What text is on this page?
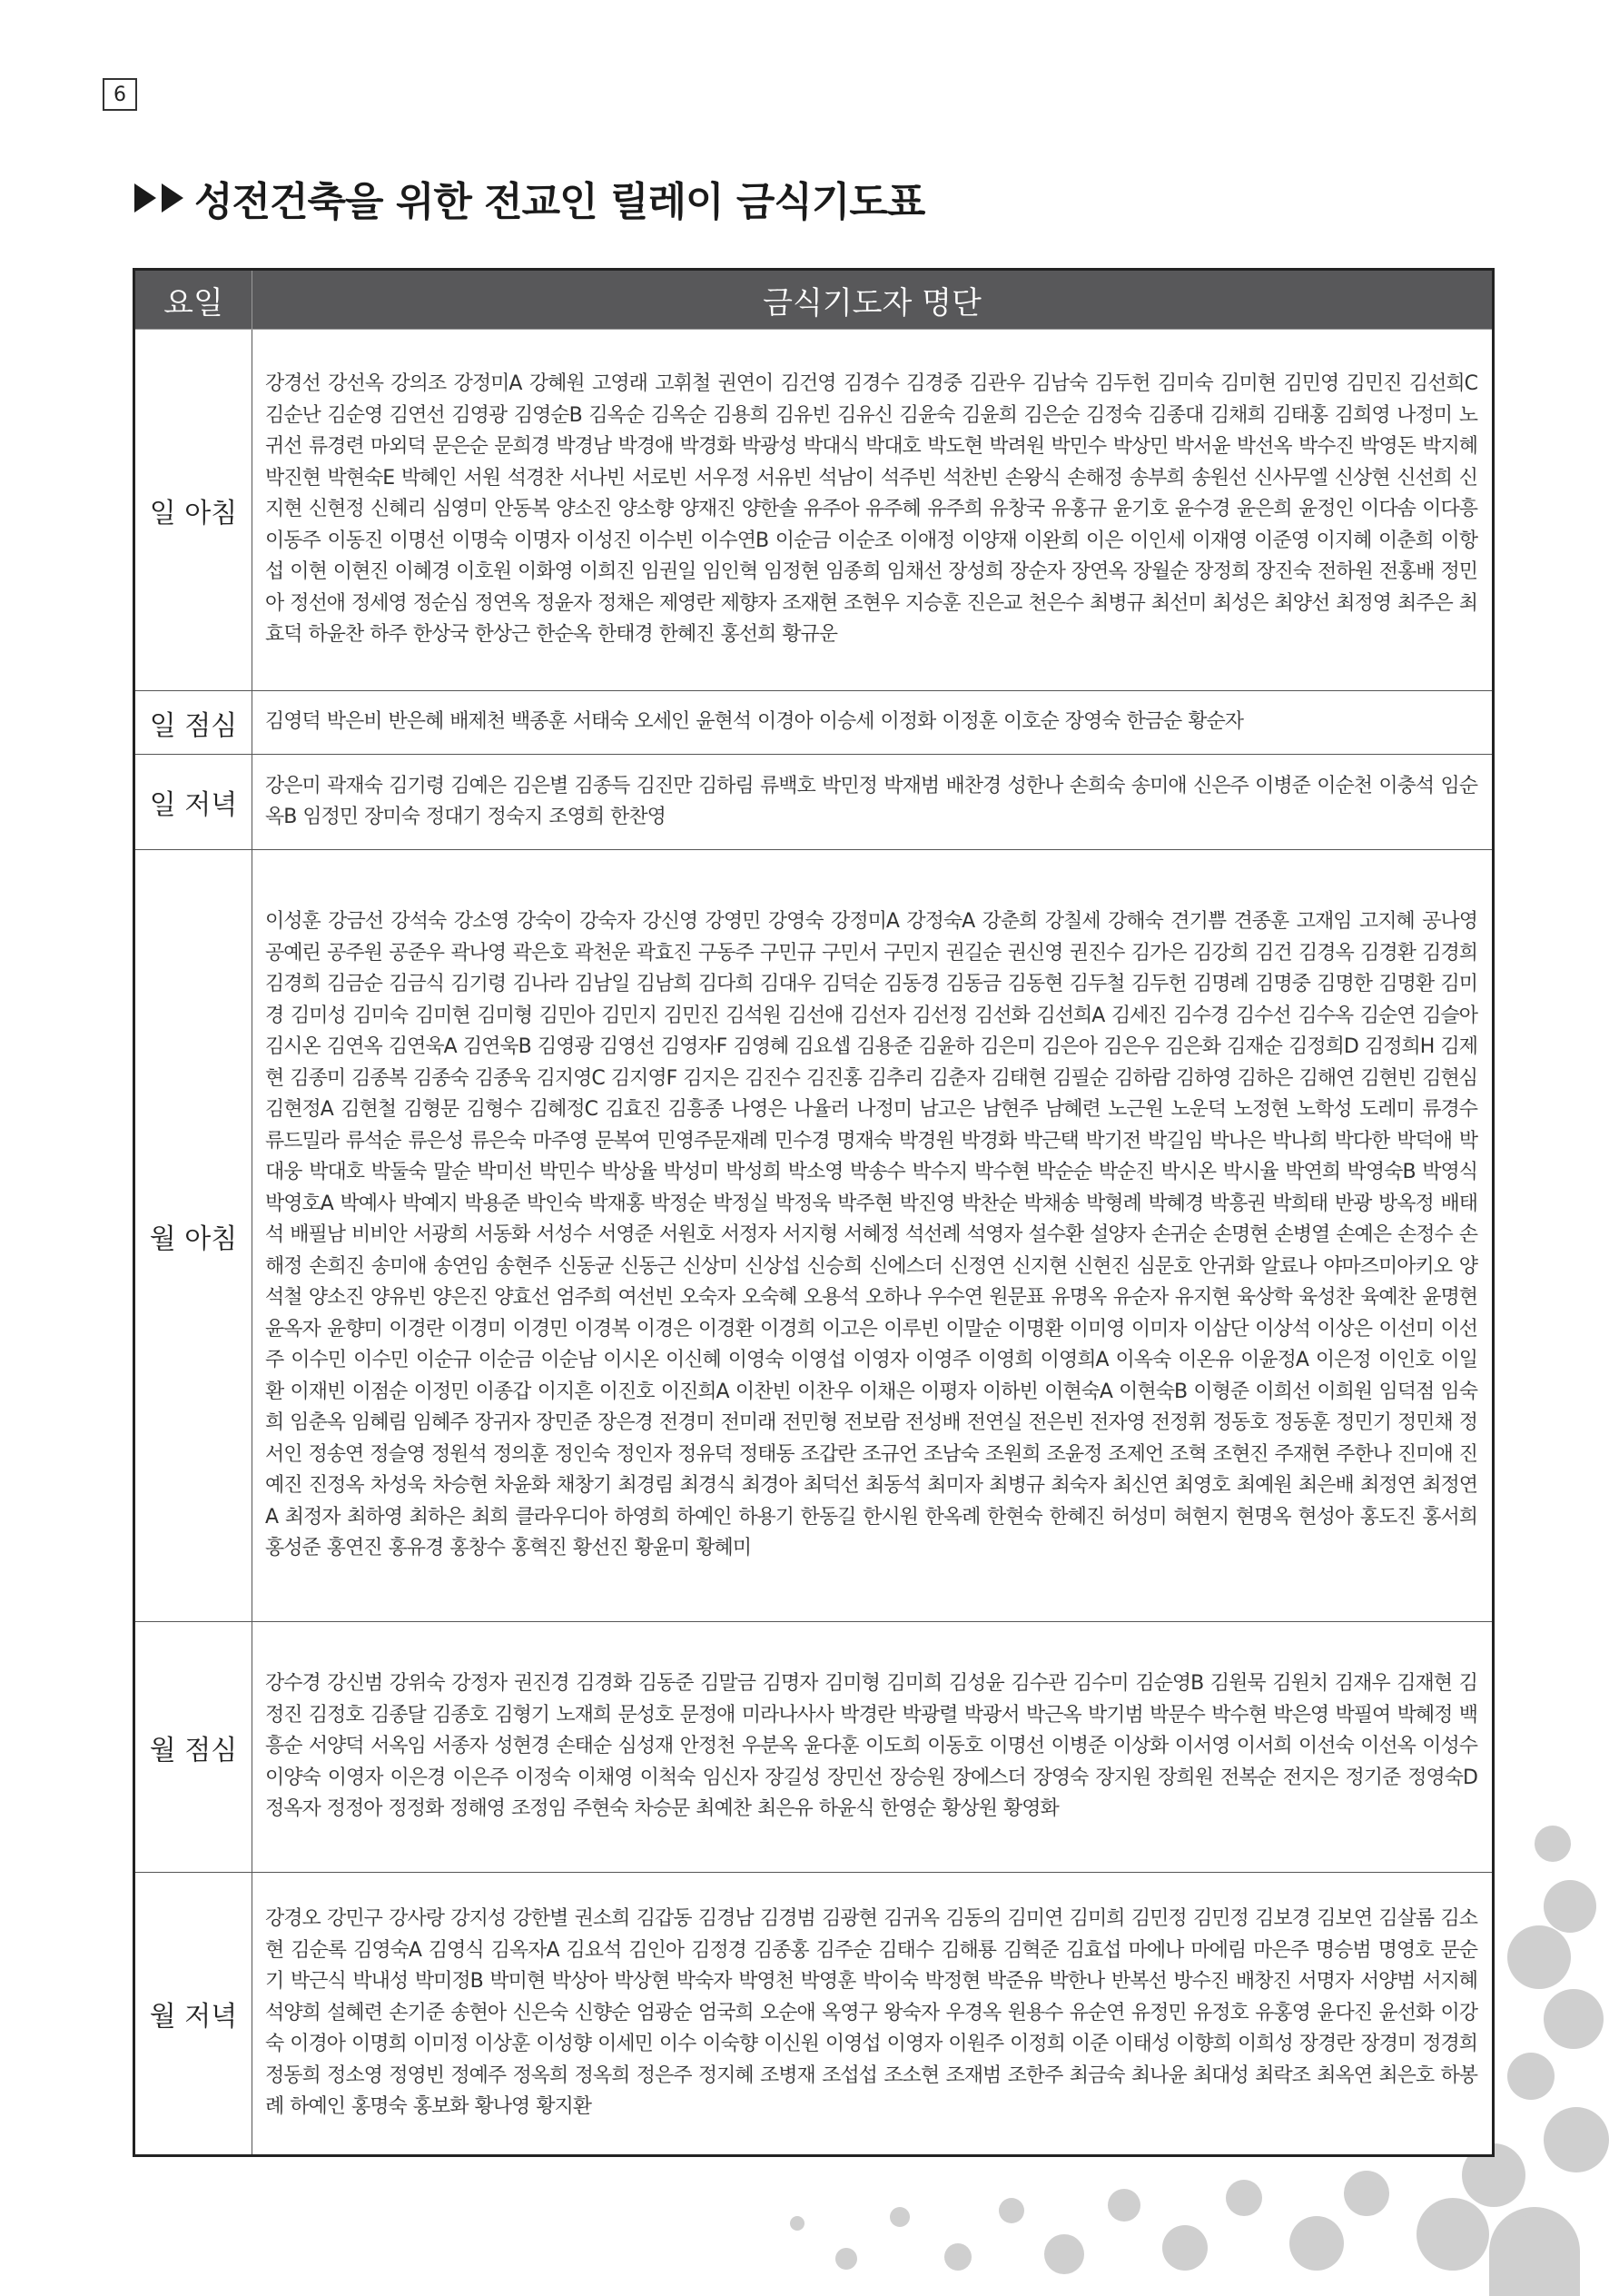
6
성전건축을 위한 전교인 릴레이 금식기도표
요일	금식기도자 명단
일 아침	강경선 강선옥 강의조 강정미A 강혜원 고영래 고휘철 권연이 김건영 김경수 김경중 김관우 김남숙 김두헌 김미숙 김미현 김민영 김민진 김선희C 김순난 김순영 김연선 김영광 김영순B 김옥순 김옥순 김용희 김유빈 김유신 김윤숙 김윤희 김은순 김정숙 김종대 김채희 김태홍 김희영 나정미 노귀선 류경련 마외덕 문은순 문희경 박경남 박경애 박경화 박광성 박대식 박대호 박도현 박려원 박민수 박상민 박서윤 박선옥 박수진 박영돈 박지혜 박진현 박현숙E 박혜인 서원 석경찬 서나빈 서로빈 서우정 서유빈 석남이 석주빈 석찬빈 손왕식 손해정 송부희 송원선 신사무엘 신상현 신선희 신지현 신현정 신혜리 심영미 안동복 양소진 양소향 양재진 양한솔 유주아 유주혜 유주희 유창국 유홍규 윤기호 윤수경 윤은희 윤정인 이다솜 이다흥 이동주 이동진 이명선 이명숙 이명자 이성진 이수빈 이수연B 이순금 이순조 이애정 이양재 이완희 이은 이인세 이재영 이준영 이지혜 이춘희 이항섭 이현 이현진 이혜경 이호원 이화영 이희진 임권일 임인혁 임정현 임종희 임채선 장성희 장순자 장연옥 장월순 장정희 장진숙 전하원 전홍배 정민아 정선애 정세영 정순심 정연옥 정윤자 정채은 제영란 제향자 조재현 조현우 지승훈 진은교 천은수 최병규 최선미 최성은 최양선 최정영 최주은 최효덕 하윤찬 하주 한상국 한상근 한순옥 한태경 한혜진 홍선희 황규운
일 점심	김영덕 박은비 반은혜 배제천 백종훈 서태숙 오세인 윤현석 이경아 이승세 이정화 이정훈 이호순 장영숙 한금순 황순자
일 저녁	강은미 곽재숙 김기령 김예은 김은별 김종득 김진만 김하림 류백호 박민정 박재범 배찬경 성한나 손희숙 송미애 신은주 이병준 이순천 이충석 임순옥B 임정민 장미숙 정대기 정숙지 조영희 한찬영
월 아침	이성훈 강금선 강석숙 강소영 강숙이 강숙자 강신영 강영민 강영숙 강정미A 강정숙A 강춘희 강칠세 강해숙 견기쁨 견종훈 고재임 고지혜 공나영 공예린 공주원 공준우 곽나영 곽은호 곽천운 곽효진 구동주 구민규 구민서 구민지 권길순 권신영 권진수 김가은 김강희 김건 김경옥 김경환 김경희 김경희 김금순 김금식 김기령 김나라 김남일 김남희 김다희 김대우 김덕순 김동경 김동금 김동현 김두철 김두헌 김명례 김명중 김명한 김명환 김미경 김미성 김미숙 김미현 김미형 김민아 김민지 김민진 김석원 김선애 김선자 김선정 김선화 김선희A 김세진 김수경 김수선 김수옥 김순연 김슬아 김시온 김연옥 김연욱A 김연욱B 김영광 김영선 김영자F 김영혜 김요셉 김용준 김윤하 김은미 김은아 김은우 김은화 김재순 김정희D 김정희H 김제현 김종미 김종복 김종숙 김종욱 김지영C 김지영F 김지은 김진수 김진홍 김추리 김춘자 김태현 김필순 김하람 김하영 김하은 김해연 김현빈 김현심 김현정A 김현철 김형문 김형수 김혜정C 김효진 김흥종 나영은 나율러 나정미 남고은 남현주 남혜련 노근원 노운덕 노정현 노학성 도레미 류경수 류드밀라 류석순 류은성 류은숙 마주영 문복여 민영주문재례 민수경 명재숙 박경원 박경화 박근택 박기전 박길임 박나은 박나희 박다한 박덕애 박대웅 박대호 박둘숙 말순 박미선 박민수 박상율 박성미 박성희 박소영 박송수 박수지 박수현 박순순 박순진 박시온 박시율 박연희 박영숙B 박영식 박영호A 박예사 박예지 박용준 박인숙 박재홍 박정순 박정실 박정욱 박주현 박진영 박찬순 박채송 박형례 박혜경 박흥권 박희태 반광 방옥정 배태석 배필남 비비안 서광희 서동화 서성수 서영준 서원호 서정자 서지형 서혜정 석선례 석영자 설수환 설양자 손귀순 손명현 손병열 손예은 손정수 손해정 손희진 송미애 송연임 송현주 신동균 신동근 신상미 신상섭 신승희 신에스더 신정연 신지현 신현진 심문호 안귀화 알료나 야마즈미아키오 양석철 양소진 양유빈 양은진 양효선 엄주희 여선빈 오숙자 오숙혜 오용석 오하나 우수연 원문표 유명옥 유순자 유지현 육상학 육성찬 육예찬 윤명현 윤옥자 윤향미 이경란 이경미 이경민 이경복 이경은 이경환 이경희 이고은 이루빈 이말순 이명환 이미영 이미자 이삼단 이상석 이상은 이선미 이선주 이수민 이수민 이순규 이순금 이순남 이시온 이신혜 이영숙 이영섭 이영자 이영주 이영희 이영희A 이옥숙 이온유 이윤정A 이은정 이인호 이일환 이재빈 이점순 이정민 이종갑 이지흔 이진호 이진희A 이찬빈 이찬우 이채은 이평자 이하빈 이현숙A 이현숙B 이형준 이희선 이희원 임덕점 임숙희 임춘옥 임혜림 임혜주 장귀자 장민준 장은경 전경미 전미래 전민형 전보람 전성배 전연실 전은빈 전자영 전정휘 정동호 정동훈 정민기 정민채 정서인 정송연 정슬영 정원석 정의훈 정인숙 정인자 정유덕 정태동 조갑란 조규언 조남숙 조원희 조윤정 조제언 조혁 조현진 주재현 주한나 진미애 진예진 진정옥 차성욱 차승현 차윤화 채창기 최경림 최경식 최경아 최덕선 최동석 최미자 최병규 최숙자 최신연 최영호 최예원 최은배 최정연 최정연A 최정자 최하영 최하은 최희 클라우디아 하영희 하예인 하용기 한동길 한시원 한옥례 한현숙 한혜진 허성미 혀현지 현명옥 현성아 홍도진 홍서희 홍성준 홍연진 홍유경 홍창수 홍혁진 황선진 황윤미 황혜미
월 점심	강수경 강신범 강위숙 강정자 권진경 김경화 김동준 김말금 김명자 김미형 김미희 김성윤 김수관 김수미 김순영B 김원묵 김원치 김재우 김재현 김정진 김정호 김종달 김종호 김형기 노재희 문성호 문정애 미라나사사 박경란 박광렬 박광서 박근옥 박기범 박문수 박수현 박은영 박필여 박혜정 백흥순 서양덕 서옥임 서종자 성현경 손태순 심성재 안정천 우분옥 윤다훈 이도희 이동호 이명선 이병준 이상화 이서영 이서희 이선숙 이선옥 이성수 이양숙 이영자 이은경 이은주 이정숙 이채영 이척숙 임신자 장길성 장민선 장승원 장에스더 장영숙 장지원 장희원 전복순 전지은 정기준 정영숙D 정옥자 정정아 정정화 정해영 조정임 주현숙 차승문 최예찬 최은유 하윤식 한영순 황상원 황영화
월 저녁	강경오 강민구 강사랑 강지성 강한별 권소희 김갑동 김경남 김경범 김광현 김귀옥 김동의 김미연 김미희 김민정 김민정 김보경 김보연 김살롬 김소현 김순록 김영숙A 김영식 김옥자A 김요석 김인아 김정경 김종홍 김주순 김태수 김해룡 김혁준 김효섭 마에나 마에림 마은주 명승범 명영호 문순기 박근식 박내성 박미정B 박미현 박상아 박상현 박숙자 박영천 박영훈 박이숙 박정현 박준유 박한나 반복선 방수진 배창진 서명자 서양범 서지혜 석양희 설혜련 손기준 송현아 신은숙 신향순 엄광순 엄국희 오순애 옥영구 왕숙자 우경옥 원용수 유순연 유정민 유정호 유홍영 윤다진 윤선화 이강숙 이경아 이명희 이미정 이상훈 이성향 이세민 이수 이숙향 이신원 이영섭 이영자 이원주 이정희 이준 이태성 이향희 이희성 장경란 장경미 정경희 정동희 정소영 정영빈 정예주 정옥희 정옥희 정은주 정지혜 조병재 조섭섭 조소현 조재범 조한주 최금숙 최나윤 최대성 최락조 최옥연 최은호 하봉례 하예인 홍명숙 홍보화 황나영 황지환
